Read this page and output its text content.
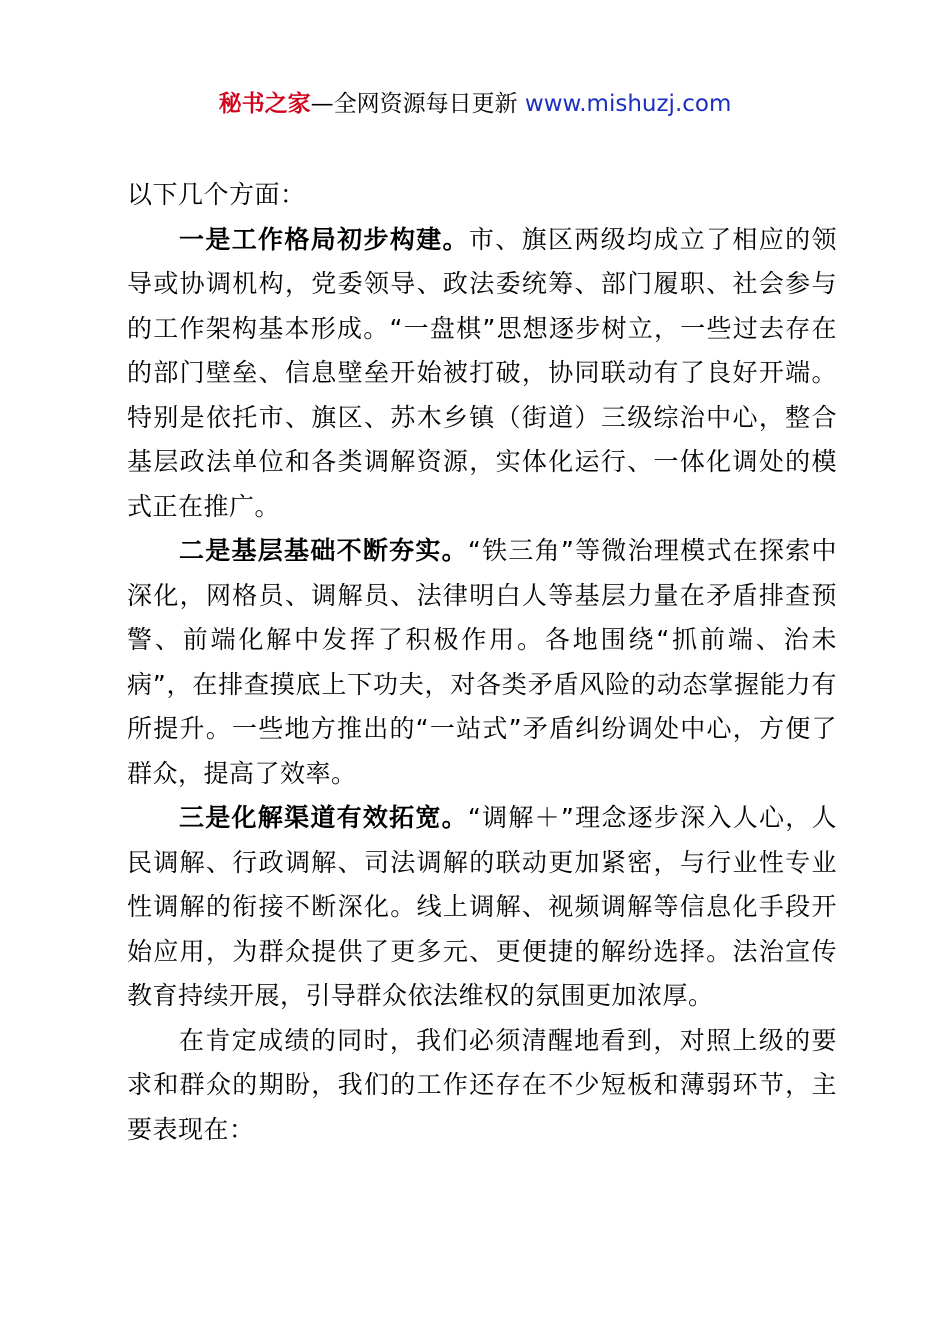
秘书之家—全网资源每日更新 www.mishuzj.com

以下几个方面：

一是工作格局初步构建。市、旗区两级均成立了相应的领导或协调机构，党委领导、政法委统筹、部门履职、社会参与的工作架构基本形成。“一盘棋”思想逐步树立，一些过去存在的部门壁垒、信息壁垒开始被打破，协同联动有了良好开端。特别是依托市、旗区、苏木乡镇（街道）三级综治中心，整合基层政法单位和各类调解资源，实体化运行、一体化调处的模式正在推广。

二是基层基础不断夯实。“铁三角”等微治理模式在探索中深化，网格员、调解员、法律明白人等基层力量在矛盾排查预警、前端化解中发挥了积极作用。各地围绕“抓前端、治未病”，在排查摸底上下功夫，对各类矛盾风险的动态掌握能力有所提升。一些地方推出的“一站式”矛盾纠纷调处中心，方便了群众，提高了效率。

三是化解渠道有效拓宽。“调解＋”理念逐步深入人心，人民调解、行政调解、司法调解的联动更加紧密，与行业性专业性调解的衔接不断深化。线上调解、视频调解等信息化手段开始应用，为群众提供了更多元、更便捷的解纷选择。法治宣传教育持续开展，引导群众依法维权的氛围更加浓厚。

在肯定成绩的同时，我们必须清醒地看到，对照上级的要求和群众的期盼，我们的工作还存在不少短板和薄弱环节，主要表现在：
